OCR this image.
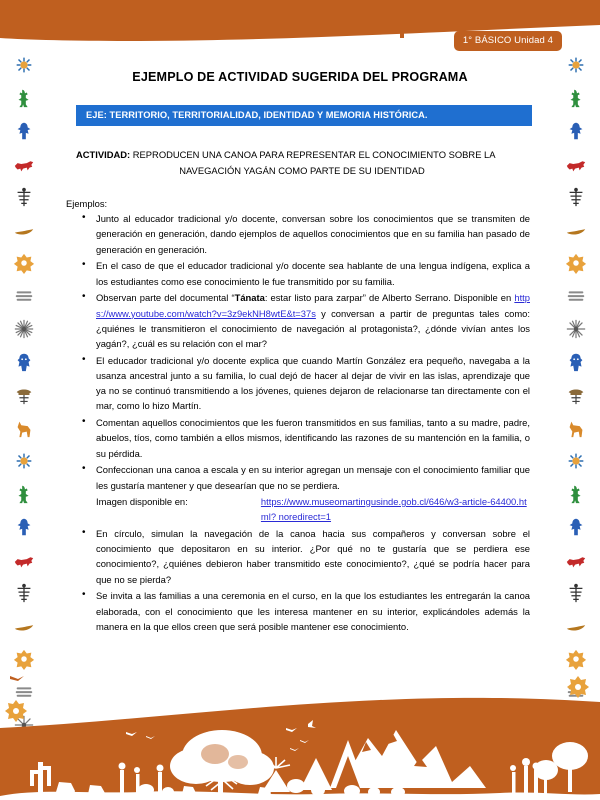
1° BÁSICO Unidad 4
EJEMPLO DE ACTIVIDAD SUGERIDA DEL PROGRAMA
EJE: TERRITORIO, TERRITORIALIDAD, IDENTIDAD Y MEMORIA HISTÓRICA.
ACTIVIDAD: REPRODUCEN UNA CANOA PARA REPRESENTAR EL CONOCIMIENTO SOBRE LA
NAVEGACIÓN YAGÁN COMO PARTE DE SU IDENTIDAD
Ejemplos:
• Junto al educador tradicional y/o docente, conversan sobre los conocimientos que se transmiten de generación en generación, dando ejemplos de aquellos conocimientos que en su familia han pasado de generación en generación.
• En el caso de que el educador tradicional y/o docente sea hablante de una lengua indígena, explica a los estudiantes como ese conocimiento le fue transmitido por su familia.
• Observan parte del documental “Tánata: estar listo para zarpar” de Alberto Serrano. Disponible en https://www.youtube.com/watch?v=3z9ekNH8wtE&t=37s y conversan a partir de preguntas tales como: ¿quiénes le transmitieron el conocimiento de navegación al protagonista?, ¿dónde vivían antes los yagán?, ¿cuál es su relación con el mar?
• El educador tradicional y/o docente explica que cuando Martín González era pequeño, navegaba a la usanza ancestral junto a su familia, lo cual dejó de hacer al dejar de vivir en las islas, aprendizaje que ya no se continuó transmitiendo a los jóvenes, quienes dejaron de relacionarse tan directamente con el mar, como lo hizo Martín.
• Comentan aquellos conocimientos que les fueron transmitidos en sus familias, tanto a su madre, padre, abuelos, tíos, como también a ellos mismos, identificando las razones de su mantención en la familia, o su pérdida.
• Confeccionan una canoa a escala y en su interior agregan un mensaje con el conocimiento familiar que les gustaría mantener y que desearían que no se perdiera.
Imagen disponible en:	https://www.museomartingusinde.gob.cl/646/w3-article-64400.html? noredirect=1
• En círculo, simulan la navegación de la canoa hacia sus compañeros y conversan sobre el conocimiento que depositaron en su interior. ¿Por qué no te gustaría que se perdiera ese conocimiento?, ¿quiénes debieron haber transmitido este conocimiento?, ¿qué se podría hacer para que no se pierda?
• Se invita a las familias a una ceremonia en el curso, en la que los estudiantes les entregarán la canoa elaborada, con el conocimiento que les interesa mantener en su interior, explicándoles además la manera en la que ellos creen que será posible mantener ese conocimiento.
